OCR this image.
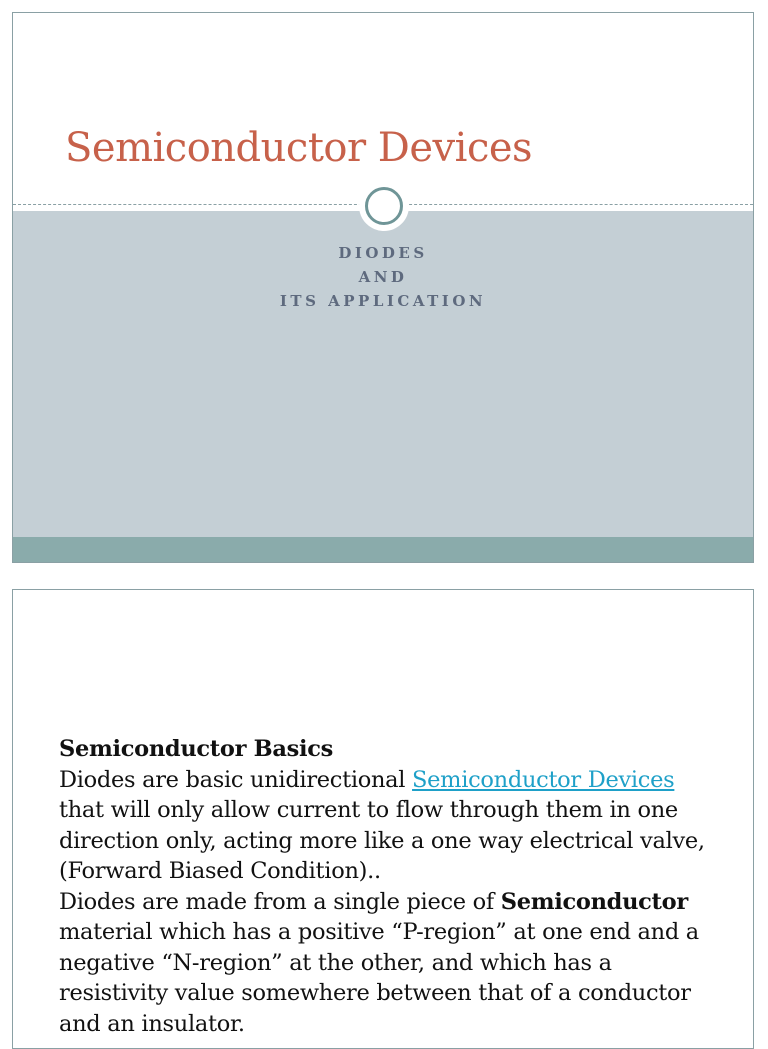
Semiconductor Devices
DIODES
AND
ITS APPLICATION
Semiconductor Basics
Diodes are basic unidirectional Semiconductor Devices that will only allow current to flow through them in one direction only, acting more like a one way electrical valve, (Forward Biased Condition)..
Diodes are made from a single piece of Semiconductor material which has a positive “P-region” at one end and a negative “N-region” at the other, and which has a resistivity value somewhere between that of a conductor and an insulator.
